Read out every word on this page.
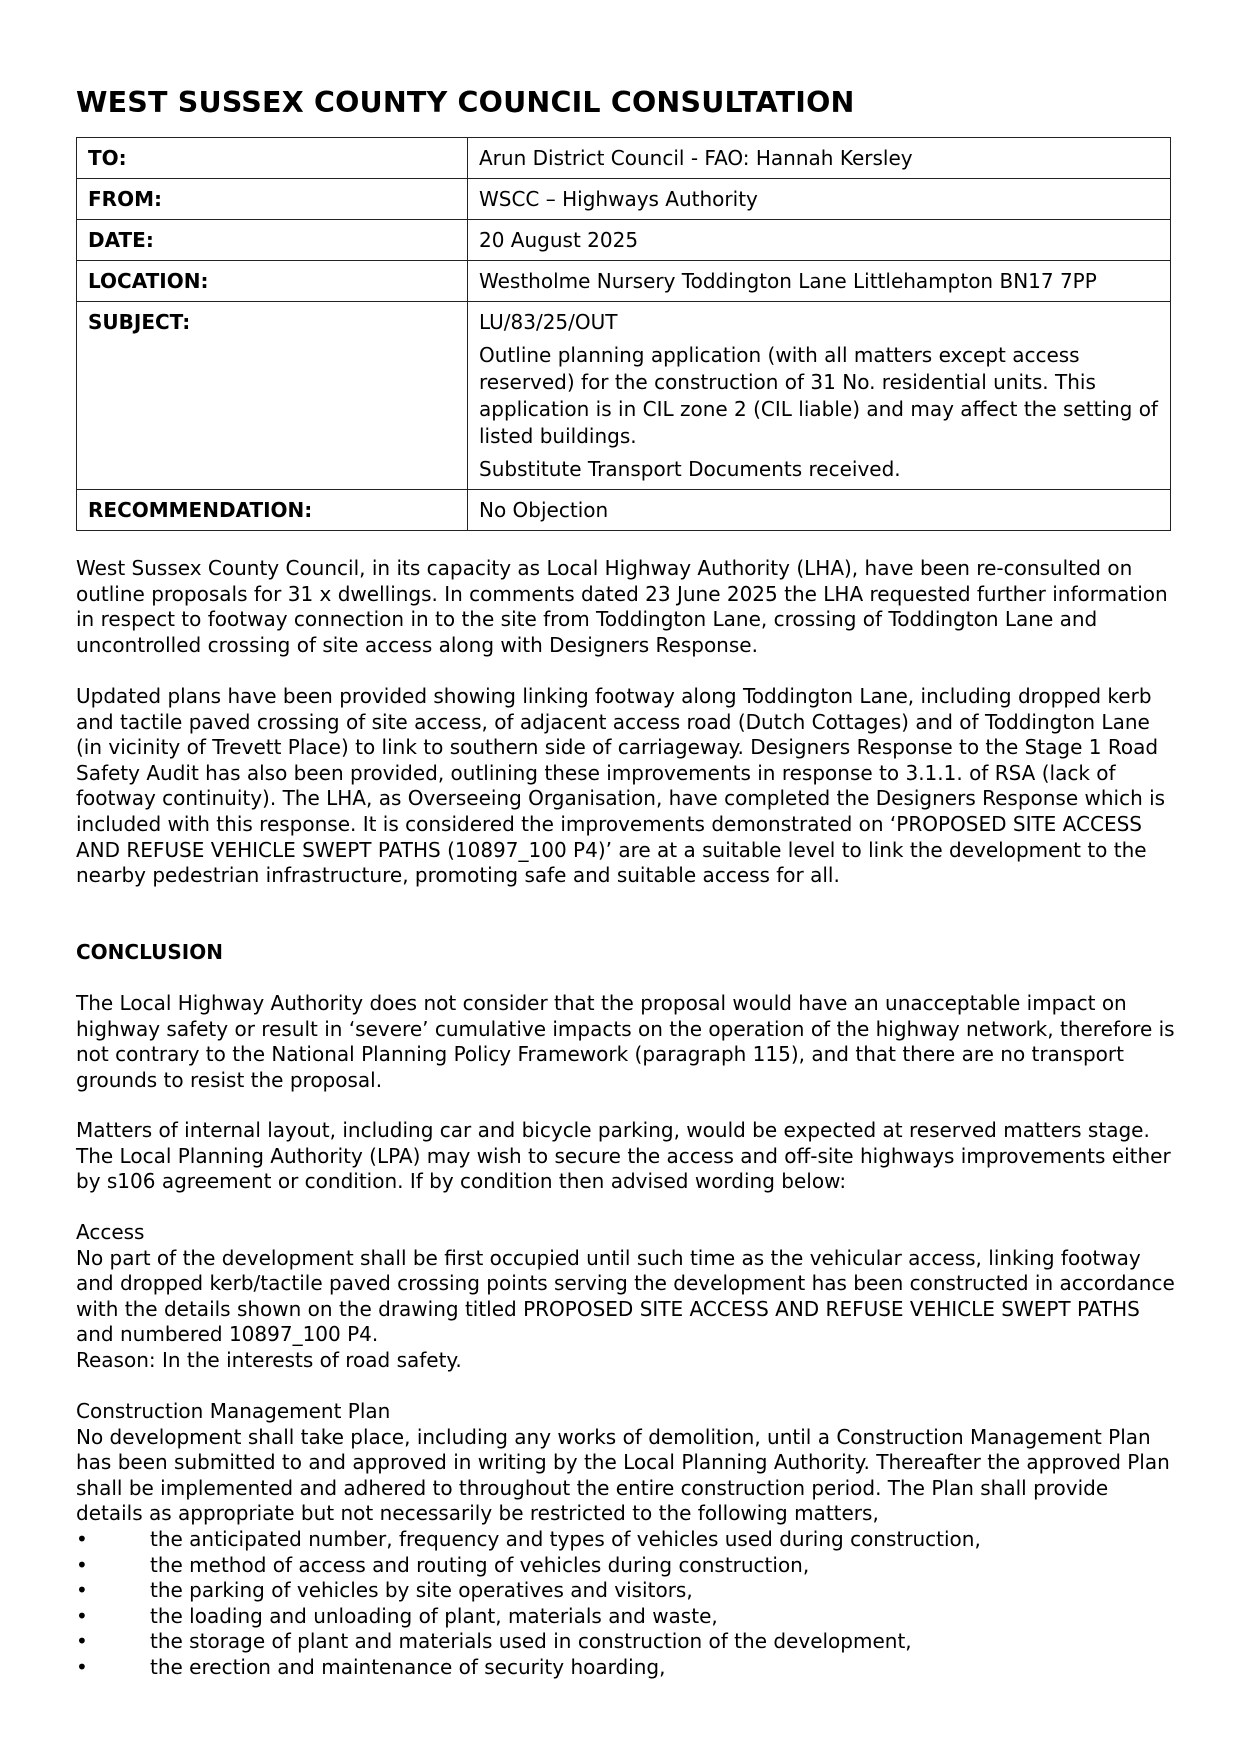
WEST SUSSEX COUNTY COUNCIL CONSULTATION
TO:	Arun District Council - FAO: Hannah Kersley
FROM:	WSCC – Highways Authority
DATE:	20 August 2025
LOCATION:	Westholme Nursery Toddington Lane Littlehampton BN17 7PP
SUBJECT:	LU/83/25/OUT

Outline planning application (with all matters except access reserved) for the construction of 31 No. residential units. This application is in CIL zone 2 (CIL liable) and may affect the setting of listed buildings.

Substitute Transport Documents received.

RECOMMENDATION:	No Objection

West Sussex County Council, in its capacity as Local Highway Authority (LHA), have been re-consulted on outline proposals for 31 x dwellings. In comments dated 23 June 2025 the LHA requested further information in respect to footway connection in to the site from Toddington Lane, crossing of Toddington Lane and uncontrolled crossing of site access along with Designers Response.

Updated plans have been provided showing linking footway along Toddington Lane, including dropped kerb and tactile paved crossing of site access, of adjacent access road (Dutch Cottages) and of Toddington Lane (in vicinity of Trevett Place) to link to southern side of carriageway. Designers Response to the Stage 1 Road Safety Audit has also been provided, outlining these improvements in response to 3.1.1. of RSA (lack of footway continuity). The LHA, as Overseeing Organisation, have completed the Designers Response which is included with this response. It is considered the improvements demonstrated on ‘PROPOSED SITE ACCESS AND REFUSE VEHICLE SWEPT PATHS (10897_100 P4)’ are at a suitable level to link the development to the nearby pedestrian infrastructure, promoting safe and suitable access for all.

CONCLUSION

The Local Highway Authority does not consider that the proposal would have an unacceptable impact on highway safety or result in ‘severe’ cumulative impacts on the operation of the highway network, therefore is not contrary to the National Planning Policy Framework (paragraph 115), and that there are no transport grounds to resist the proposal.

Matters of internal layout, including car and bicycle parking, would be expected at reserved matters stage. The Local Planning Authority (LPA) may wish to secure the access and off-site highways improvements either by s106 agreement or condition. If by condition then advised wording below:

Access

No part of the development shall be first occupied until such time as the vehicular access, linking footway and dropped kerb/tactile paved crossing points serving the development has been constructed in accordance with the details shown on the drawing titled PROPOSED SITE ACCESS AND REFUSE VEHICLE SWEPT PATHS and numbered 10897_100 P4.

Reason: In the interests of road safety.

Construction Management Plan

No development shall take place, including any works of demolition, until a Construction Management Plan has been submitted to and approved in writing by the Local Planning Authority. Thereafter the approved Plan shall be implemented and adhered to throughout the entire construction period. The Plan shall provide details as appropriate but not necessarily be restricted to the following matters,

•	the anticipated number, frequency and types of vehicles used during construction,
•	the method of access and routing of vehicles during construction,
•	the parking of vehicles by site operatives and visitors,
•	the loading and unloading of plant, materials and waste,
•	the storage of plant and materials used in construction of the development,
•	the erection and maintenance of security hoarding,
